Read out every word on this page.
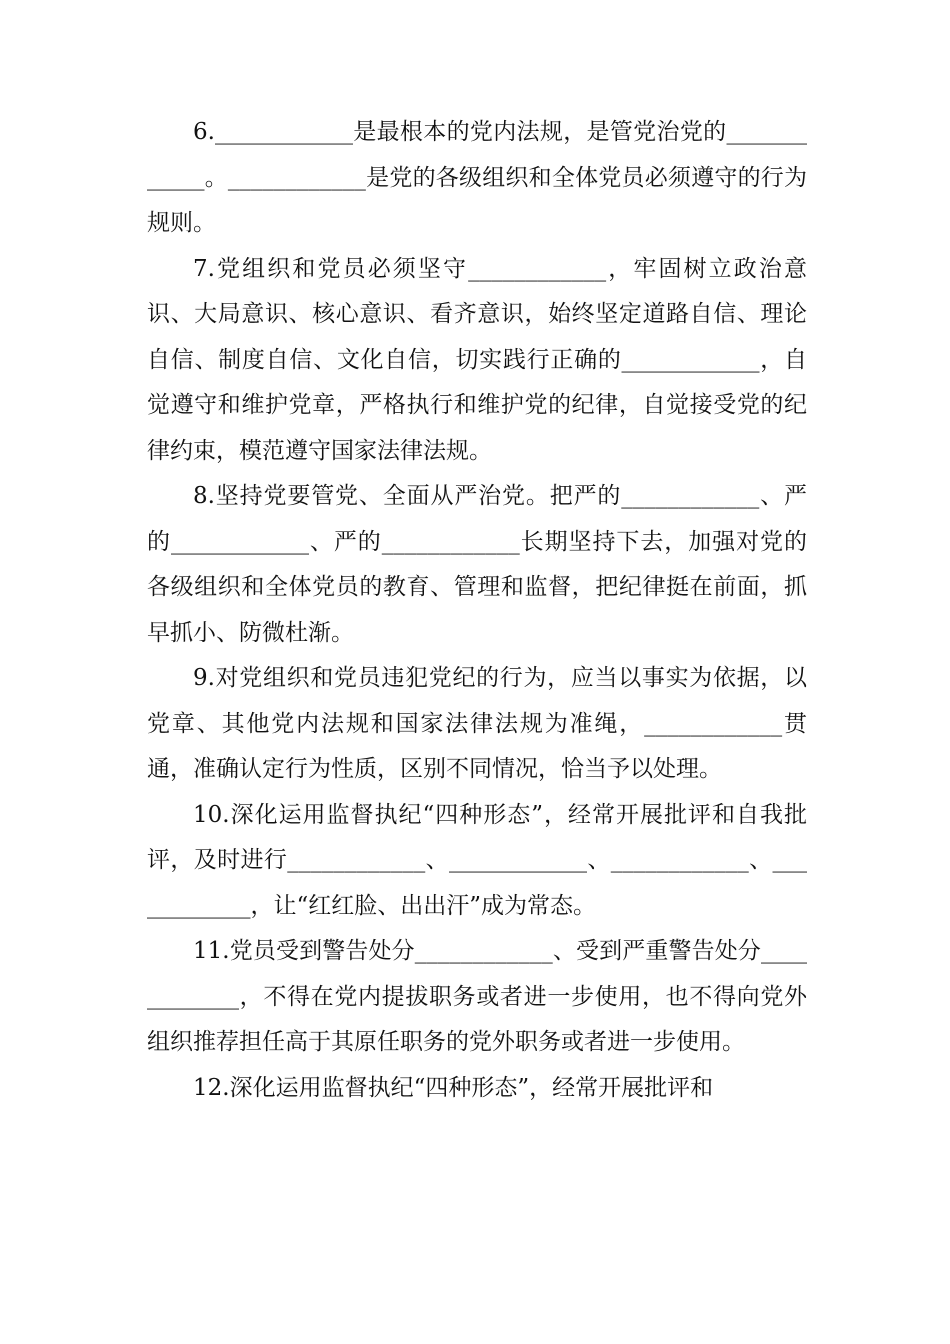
6.____________是最根本的党内法规，是管党治党的____________。____________是党的各级组织和全体党员必须遵守的行为规则。

7.党组织和党员必须坚守____________，牢固树立政治意识、大局意识、核心意识、看齐意识，始终坚定道路自信、理论自信、制度自信、文化自信，切实践行正确的____________，自觉遵守和维护党章，严格执行和维护党的纪律，自觉接受党的纪律约束，模范遵守国家法律法规。

8.坚持党要管党、全面从严治党。把严的____________、严的____________、严的____________长期坚持下去，加强对党的各级组织和全体党员的教育、管理和监督，把纪律挺在前面，抓早抓小、防微杜渐。

9.对党组织和党员违犯党纪的行为，应当以事实为依据，以党章、其他党内法规和国家法律法规为准绳，____________贯通，准确认定行为性质，区别不同情况，恰当予以处理。

10.深化运用监督执纪“四种形态”，经常开展批评和自我批评，及时进行____________、____________、____________、____________，让“红红脸、出出汗”成为常态。

11.党员受到警告处分____________、受到严重警告处分____________，不得在党内提拔职务或者进一步使用，也不得向党外组织推荐担任高于其原任职务的党外职务或者进一步使用。

12.深化运用监督执纪“四种形态”，经常开展批评和
